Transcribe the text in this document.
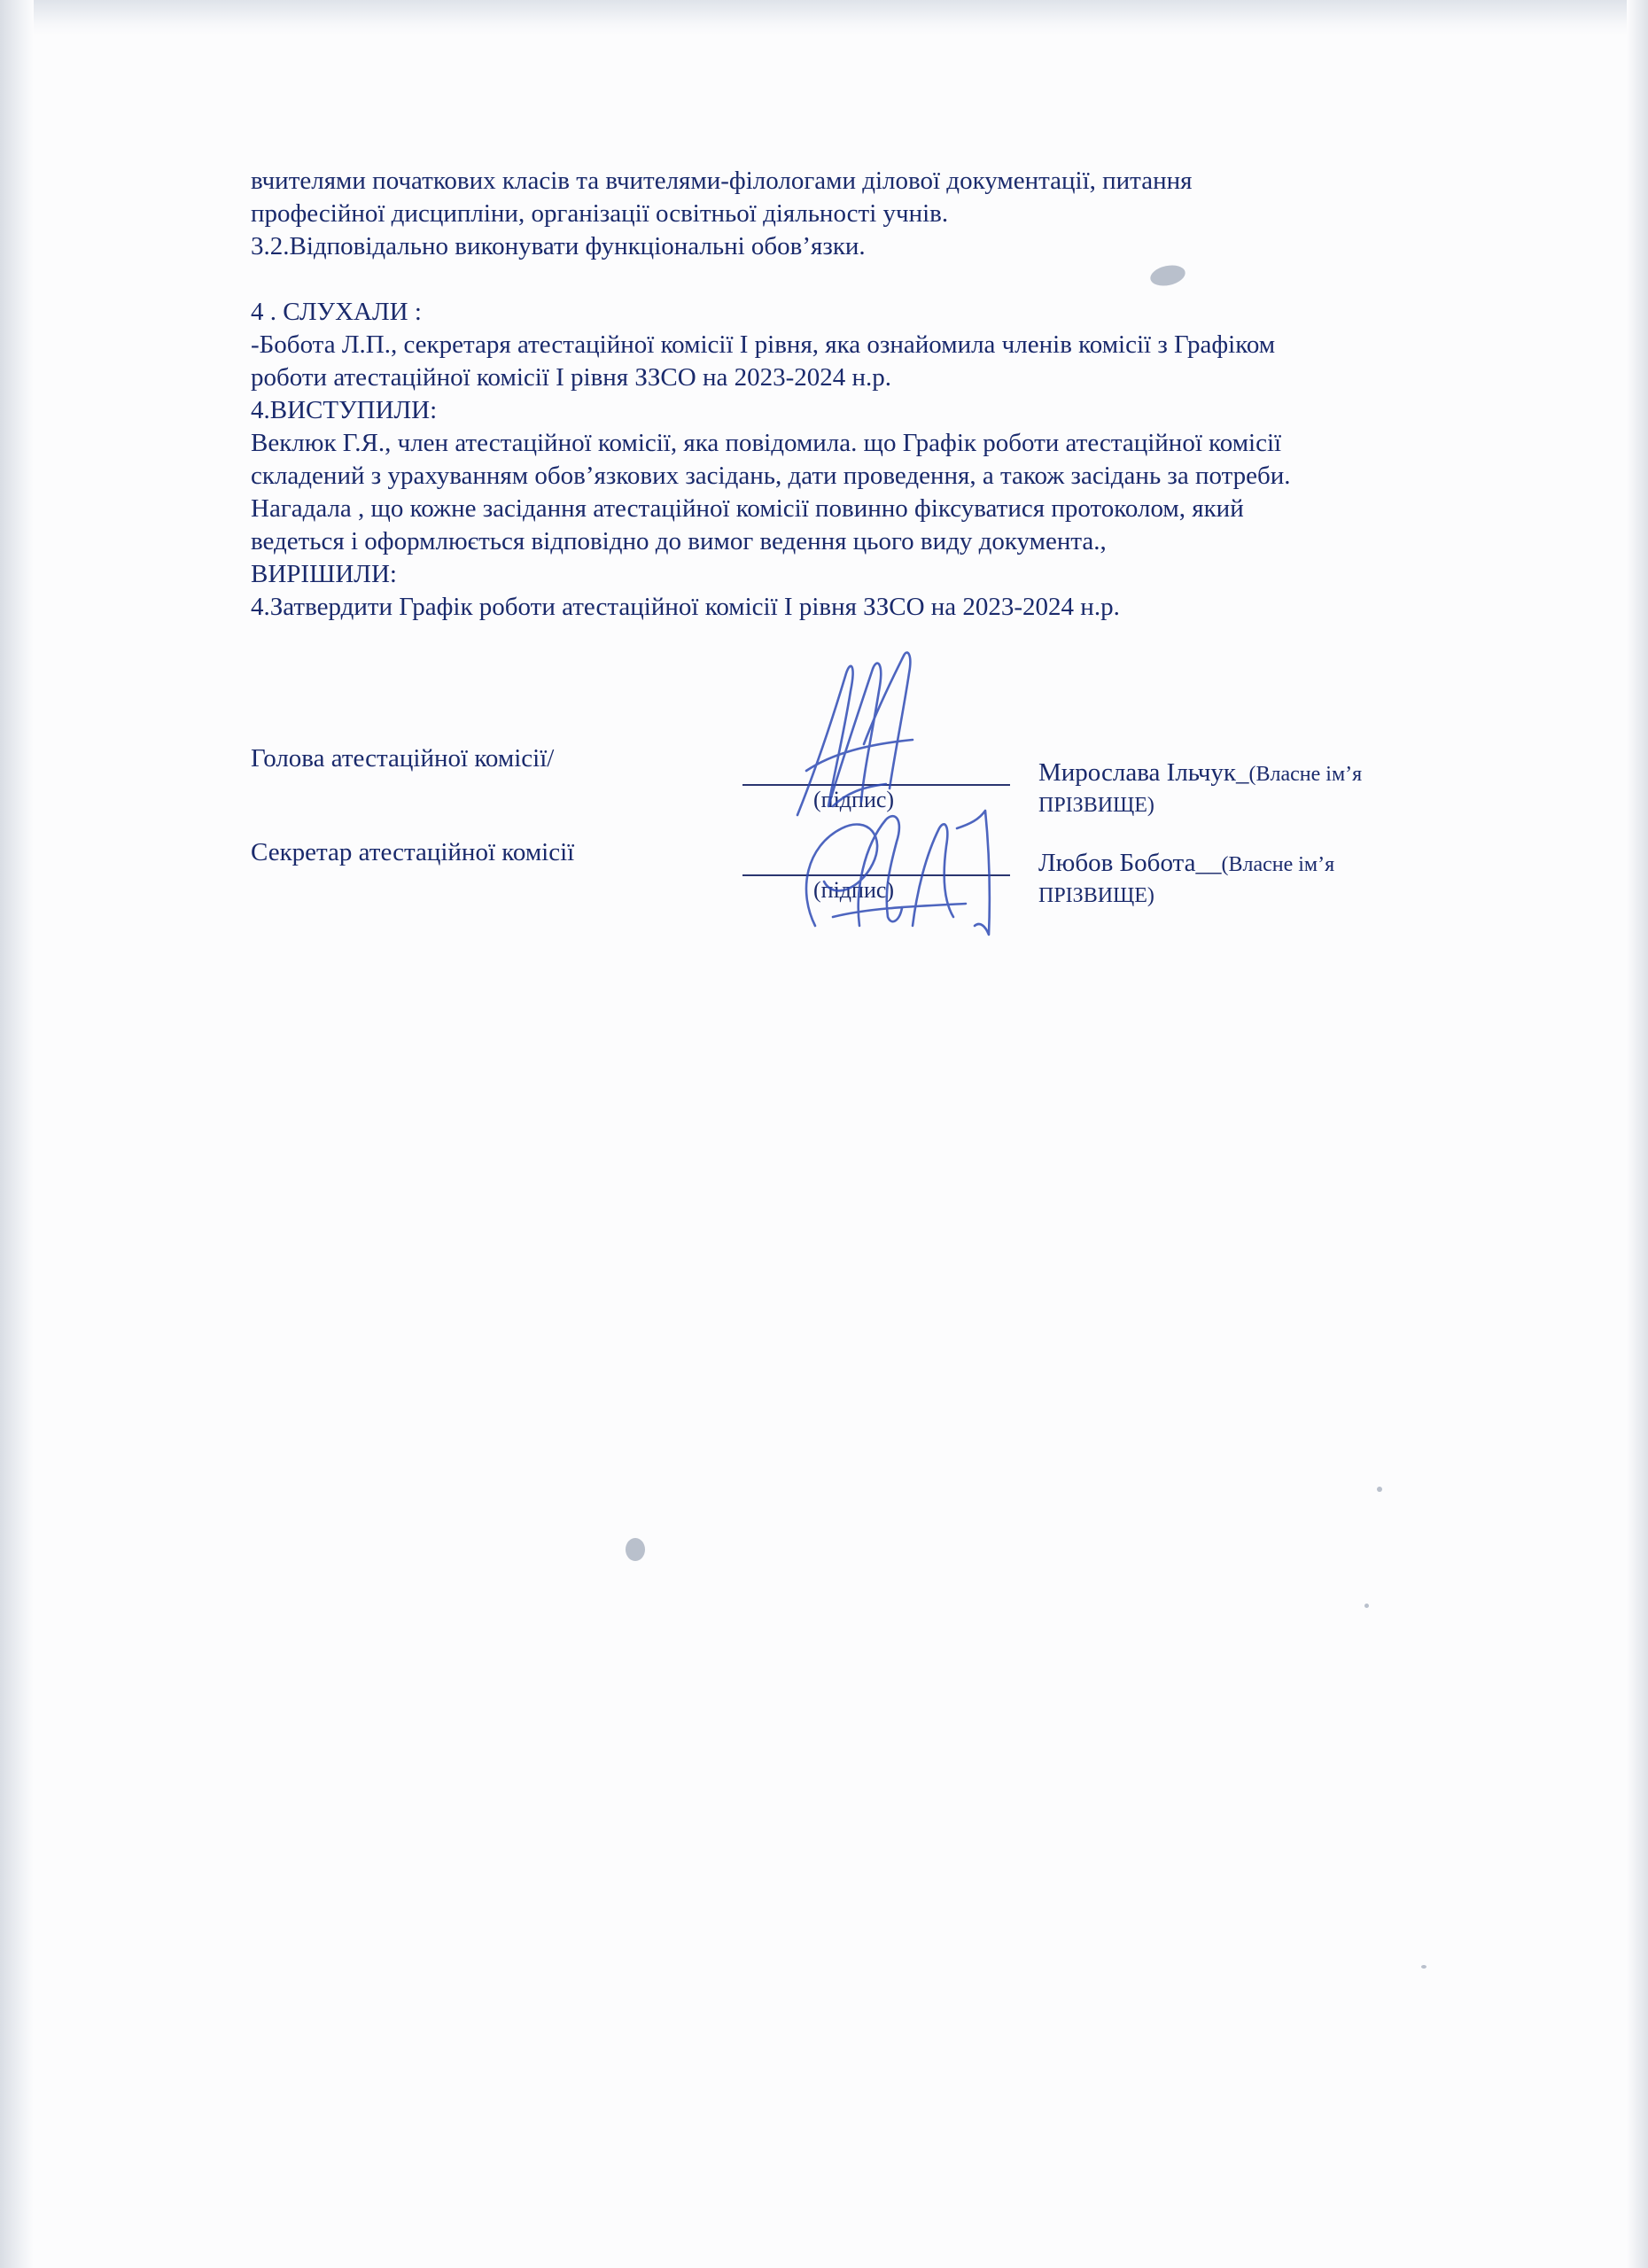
вчителями початкових класів та вчителями-філологами ділової документації, питання

професійної дисципліни, організації освітньої діяльності учнів.

3.2.Відповідально виконувати функціональні обов’язки.

4 . СЛУХАЛИ :

-Бобота Л.П., секретаря атестаційної комісії І рівня, яка ознайомила членів комісії з Графіком

роботи атестаційної комісії І рівня ЗЗСО на 2023-2024 н.р.

4.ВИСТУПИЛИ:

Веклюк Г.Я., член атестаційної комісії, яка повідомила. що Графік роботи атестаційної комісії

складений з урахуванням обов’язкових засідань, дати проведення, а також засідань за потреби.

Нагадала , що кожне засідання атестаційної комісії повинно фіксуватися протоколом, який

ведеться і оформлюється відповідно до вимог ведення цього виду документа.,

ВИРІШИЛИ:

4.Затвердити Графік роботи атестаційної комісії І рівня ЗЗСО на 2023-2024 н.р.

Голова атестаційної комісії/
(підпис)
Мирослава Ільчук_(Власне ім’я
ПРІЗВИЩЕ)
Секретар атестаційної комісії
(підпис)
Любов Бобота__(Власне ім’я
ПРІЗВИЩЕ)
